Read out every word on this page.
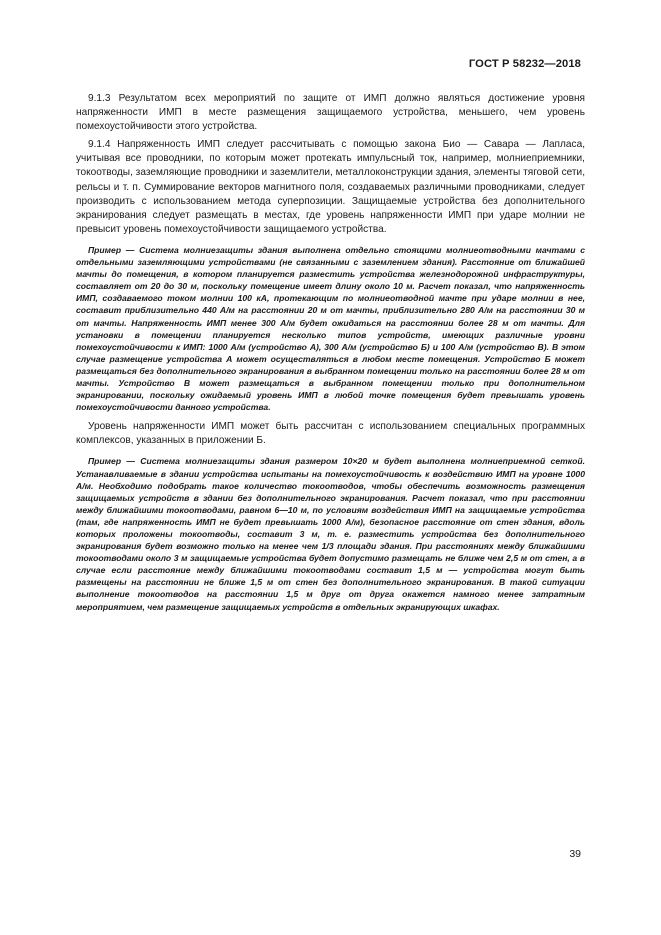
ГОСТ Р 58232—2018

9.1.3 Результатом всех мероприятий по защите от ИМП должно являться достижение уровня напряженности ИМП в месте размещения защищаемого устройства, меньшего, чем уровень помехоустойчивости этого устройства.

9.1.4 Напряженность ИМП следует рассчитывать с помощью закона Био — Савара — Лапласа, учитывая все проводники, по которым может протекать импульсный ток, например, молниеприемники, токоотводы, заземляющие проводники и заземлители, металлоконструкции здания, элементы тяговой сети, рельсы и т. п. Суммирование векторов магнитного поля, создаваемых различными проводниками, следует производить с использованием метода суперпозиции. Защищаемые устройства без дополнительного экранирования следует размещать в местах, где уровень напряженности ИМП при ударе молнии не превысит уровень помехоустойчивости защищаемого устройства.

Пример — Система молниезащиты здания выполнена отдельно стоящими молниеотводными мачтами с отдельными заземляющими устройствами (не связанными с заземлением здания). Расстояние от ближайшей мачты до помещения, в котором планируется разместить устройства железнодорожной инфраструктуры, составляет от 20 до 30 м, поскольку помещение имеет длину около 10 м. Расчет показал, что напряженность ИМП, создаваемого током молнии 100 кА, протекающим по молниеотводной мачте при ударе молнии в нее, составит приблизительно 440 А/м на расстоянии 20 м от мачты, приблизительно 280 А/м на расстоянии 30 м от мачты. Напряженность ИМП менее 300 А/м будет ожидаться на расстоянии более 28 м от мачты. Для установки в помещении планируется несколько типов устройств, имеющих различные уровни помехоустойчивости к ИМП: 1000 А/м (устройство А), 300 А/м (устройство Б) и 100 А/м (устройство В). В этом случае размещение устройства А может осуществляться в любом месте помещения. Устройство Б может размещаться без дополнительного экранирования в выбранном помещении только на расстоянии более 28 м от мачты. Устройство В может размещаться в выбранном помещении только при дополнительном экранировании, поскольку ожидаемый уровень ИМП в любой точке помещения будет превышать уровень помехоустойчивости данного устройства.

Уровень напряженности ИМП может быть рассчитан с использованием специальных программных комплексов, указанных в приложении Б.

Пример — Система молниезащиты здания размером 10×20 м будет выполнена молниеприемной сеткой. Устанавливаемые в здании устройства испытаны на помехоустойчивость к воздействию ИМП на уровне 1000 А/м. Необходимо подобрать такое количество токоотводов, чтобы обеспечить возможность размещения защищаемых устройств в здании без дополнительного экранирования. Расчет показал, что при расстоянии между ближайшими токоотводами, равном 6—10 м, по условиям воздействия ИМП на защищаемые устройства (там, где напряженность ИМП не будет превышать 1000 А/м), безопасное расстояние от стен здания, вдоль которых проложены токоотводы, составит 3 м, т. е. разместить устройства без дополнительного экранирования будет возможно только на менее чем 1/3 площади здания. При расстояниях между ближайшими токоотводами около 3 м защищаемые устройства будет допустимо размещать не ближе чем 2,5 м от стен, а в случае если расстояние между ближайшими токоотводами составит 1,5 м — устройства могут быть размещены на расстоянии не ближе 1,5 м от стен без дополнительного экранирования. В такой ситуации выполнение токоотводов на расстоянии 1,5 м друг от друга окажется намного менее затратным мероприятием, чем размещение защищаемых устройств в отдельных экранирующих шкафах.

39
